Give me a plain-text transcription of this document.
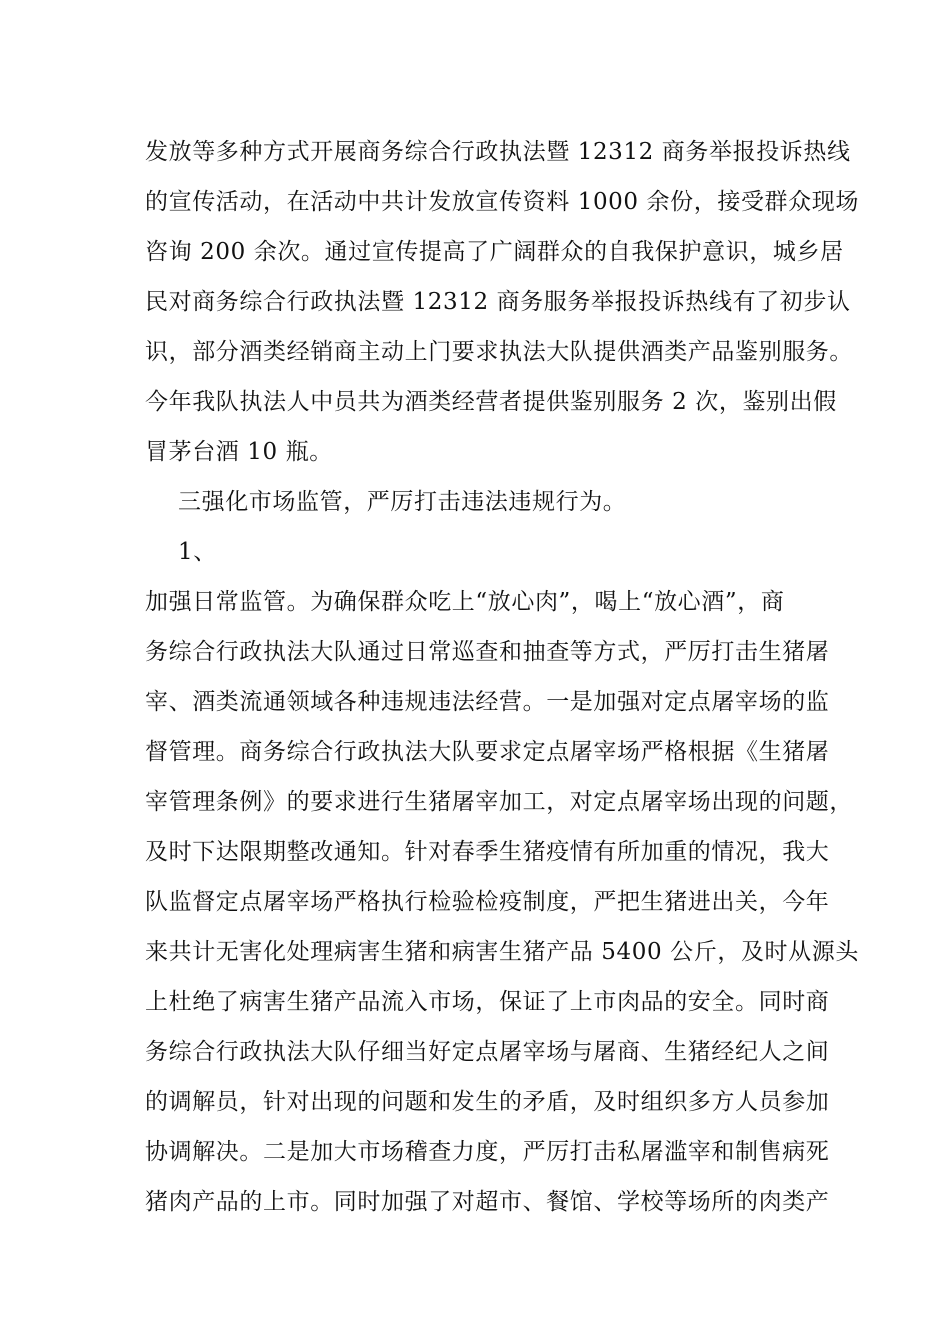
发放等多种方式开展商务综合行政执法暨 12312 商务举报投诉热线
的宣传活动，在活动中共计发放宣传资料 1000 余份，接受群众现场
咨询 200 余次。通过宣传提高了广阔群众的自我保护意识，城乡居
民对商务综合行政执法暨 12312 商务服务举报投诉热线有了初步认
识，部分酒类经销商主动上门要求执法大队提供酒类产品鉴别服务。
今年我队执法人中员共为酒类经营者提供鉴别服务 2 次，鉴别出假
冒茅台酒 10 瓶。
三强化市场监管，严厉打击违法违规行为。
1、
加强日常监管。为确保群众吃上“放心肉”，喝上“放心酒”，商
务综合行政执法大队通过日常巡查和抽查等方式，严厉打击生猪屠
宰、酒类流通领域各种违规违法经营。一是加强对定点屠宰场的监
督管理。商务综合行政执法大队要求定点屠宰场严格根据《生猪屠
宰管理条例》的要求进行生猪屠宰加工，对定点屠宰场出现的问题，
及时下达限期整改通知。针对春季生猪疫情有所加重的情况，我大
队监督定点屠宰场严格执行检验检疫制度，严把生猪进出关，今年
来共计无害化处理病害生猪和病害生猪产品 5400 公斤，及时从源头
上杜绝了病害生猪产品流入市场，保证了上市肉品的安全。同时商
务综合行政执法大队仔细当好定点屠宰场与屠商、生猪经纪人之间
的调解员，针对出现的问题和发生的矛盾，及时组织多方人员参加
协调解决。二是加大市场稽查力度，严厉打击私屠滥宰和制售病死
猪肉产品的上市。同时加强了对超市、餐馆、学校等场所的肉类产
